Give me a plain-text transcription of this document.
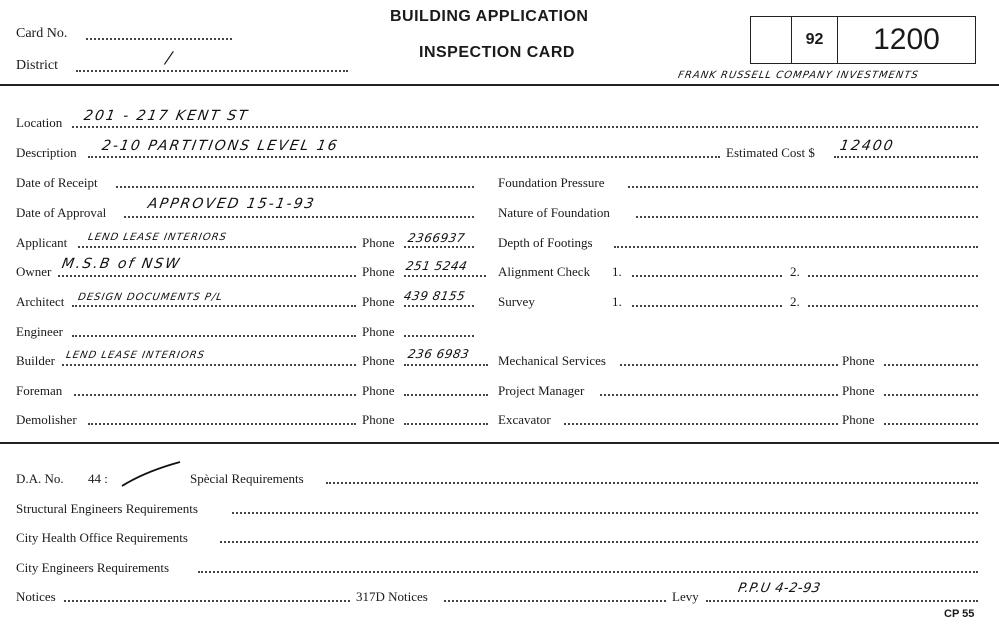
Card No.
District	/
BUILDING APPLICATION
INSPECTION CARD
92	1200
FRANK RUSSELL COMPANY INVESTMENTS
Location 201 - 217 KENT ST
Description 2-10 PARTITIONS LEVEL 16	Estimated Cost $ 12400
Date of Receipt
Date of Approval
APPROVED 15-1-93
Applicant LEND LEASE INTERIORS	Phone 2366937
Owner M.S.B of NSW	Phone 251 5244
Architect DESIGN DOCUMENTS P/L	Phone 439 8155
Engineer	Phone
Builder LEND LEASE INTERIORS	Phone 236 6983
Foreman	Phone
Demolisher	Phone
Foundation Pressure
Nature of Foundation
Depth of Footings
Alignment Check 1.	2.
Survey	1.	2.
Mechanical Services	Phone
Project Manager	Phone
Excavator	Phone
D.A. No. 44 :	Spècial Requirements
Structural Engineers Requirements
City Health Office Requirements
City Engineers Requirements
Notices	317D Notices	Levy
P.P.U 4-2-93
CP 55
